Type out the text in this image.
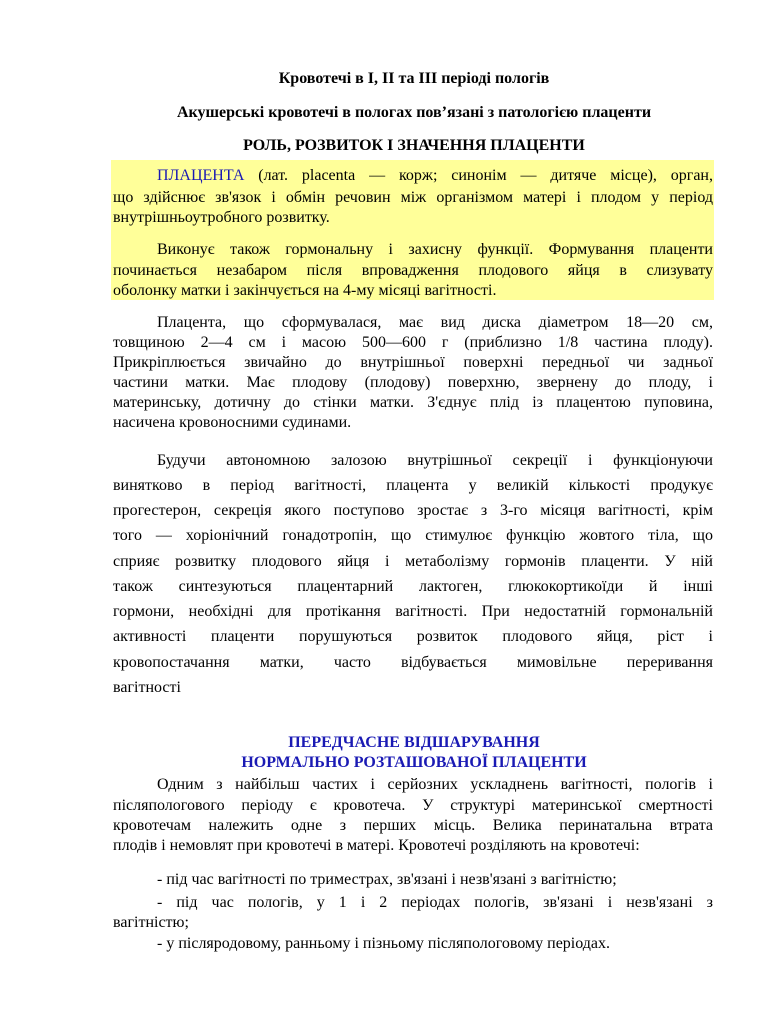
Кровотечі в І, ІІ та ІІІ періоді пологів
Акушерські кровотечі в пологах пов’язані з патологією плаценти
РОЛЬ, РОЗВИТОК І ЗНАЧЕННЯ ПЛАЦЕНТИ
ПЛАЦЕНТА (лат. placenta — корж; синонім — дитяче місце), орган,
що здійснює зв'язок і обмін речовин між організмом матері і плодом у період
внутрішньоутробного розвитку.
Виконує також гормональну і захисну функції. Формування плаценти
починається незабаром після впровадження плодового яйця в слизувату
оболонку матки і закінчується на 4-му місяці вагітності.
Плацента, що сформувалася, має вид диска діаметром 18—20 см,
товщиною 2—4 см і масою 500—600 г (приблизно 1/8 частина плоду).
Прикріплюється звичайно до внутрішньої поверхні передньої чи задньої
частини матки. Має плодову (плодову) поверхню, звернену до плоду, і
материнську, дотичну до стінки матки. З'єднує плід із плацентою пуповина,
насичена кровоносними судинами.
Будучи автономною залозою внутрішньої секреції і функціонуючи
винятково в період вагітності, плацента у великій кількості продукує
прогестерон, секреція якого поступово зростає з 3-го місяця вагітності, крім
того — хоріонічний гонадотропін, що стимулює функцію жовтого тіла, що
сприяє розвитку плодового яйця і метаболізму гормонів плаценти. У ній
також синтезуються плацентарний лактоген, глюкокортикоїди й інші
гормони, необхідні для протікання вагітності. При недостатній гормональній
активності плаценти порушуються розвиток плодового яйця, ріст і
кровопостачання матки, часто відбувається мимовільне переривання
вагітності
ПЕРЕДЧАСНЕ ВІДШАРУВАННЯ
НОРМАЛЬНО РОЗТАШОВАНОЇ ПЛАЦЕНТИ
Одним з найбільш частих і серйозних ускладнень вагітності, пологів і
післяпологового періоду є кровотеча. У структурі материнської смертності
кровотечам належить одне з перших місць. Велика перинатальна втрата
плодів і немовлят при кровотечі в матері. Кровотечі розділяють на кровотечі:
- під час вагітності по триместрах, зв'язані і незв'язані з вагітністю;
- під час пологів, у 1 і 2 періодах пологів, зв'язані і незв'язані з
вагітністю;
- у післяродовому, ранньому і пізньому післяпологовому періодах.
